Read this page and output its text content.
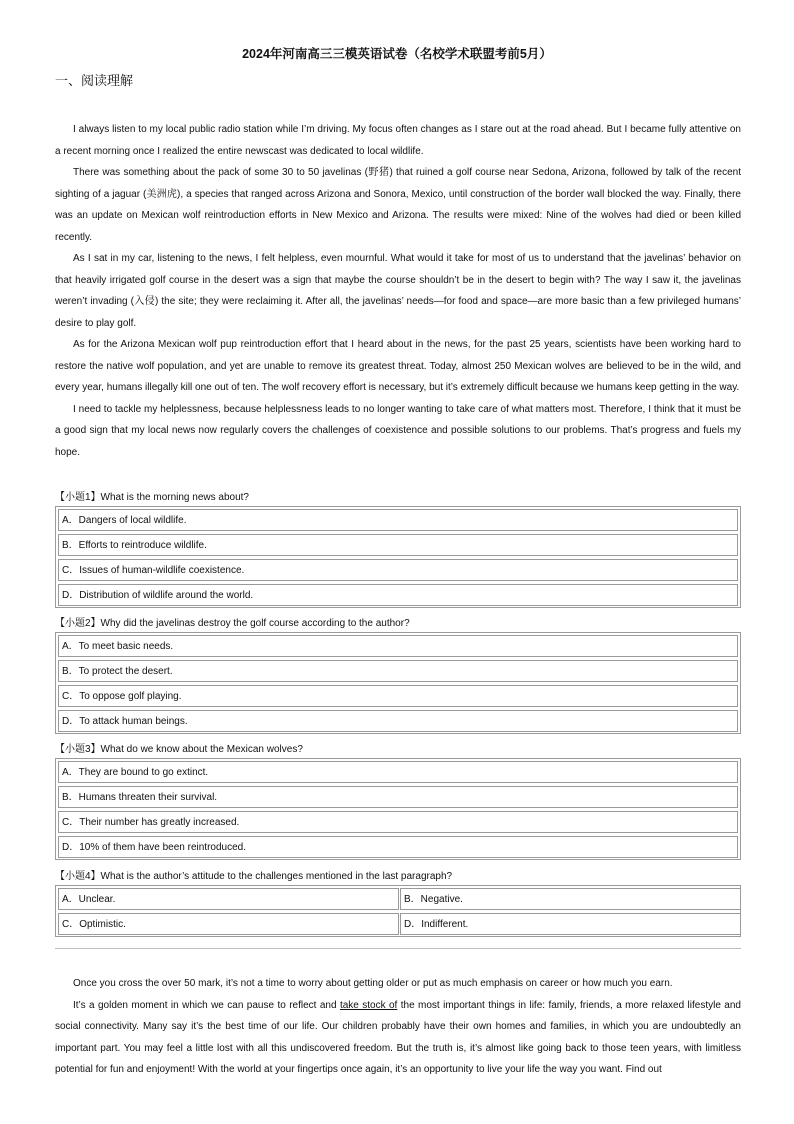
2024年河南高三三模英语试卷（名校学术联盟考前5月）
一、阅读理解

I always listen to my local public radio station while I’m driving. My focus often changes as I stare out at the road ahead. But I became fully attentive on a recent morning once I realized the entire newscast was dedicated to local wildlife.

There was something about the pack of some 30 to 50 javelinas (野猪) that ruined a golf course near Sedona, Arizona, followed by talk of the recent sighting of a jaguar (美洲虎), a species that ranged across Arizona and Sonora, Mexico, until construction of the border wall blocked the way. Finally, there was an update on Mexican wolf reintroduction efforts in New Mexico and Arizona. The results were mixed: Nine of the wolves had died or been killed recently.

As I sat in my car, listening to the news, I felt helpless, even mournful. What would it take for most of us to understand that the javelinas’ behavior on that heavily irrigated golf course in the desert was a sign that maybe the course shouldn’t be in the desert to begin with? The way I saw it, the javelinas weren’t invading (入侵) the site; they were reclaiming it. After all, the javelinas’ needs—for food and space—are more basic than a few privileged humans’ desire to play golf.

As for the Arizona Mexican wolf pup reintroduction effort that I heard about in the news, for the past 25 years, scientists have been working hard to restore the native wolf population, and yet are unable to remove its greatest threat. Today, almost 250 Mexican wolves are believed to be in the wild, and every year, humans illegally kill one out of ten. The wolf recovery effort is necessary, but it’s extremely difficult because we humans keep getting in the way.

I need to tackle my helplessness, because helplessness leads to no longer wanting to take care of what matters most. Therefore, I think that it must be a good sign that my local news now regularly covers the challenges of coexistence and possible solutions to our problems. That’s progress and fuels my hope.

【小题1】What is the morning news about?
A．Dangers of local wildlife.
B．Efforts to reintroduce wildlife.
C．Issues of human-wildlife coexistence.
D．Distribution of wildlife around the world.
【小题2】Why did the javelinas destroy the golf course according to the author?
A．To meet basic needs.
B．To protect the desert.
C．To oppose golf playing.
D．To attack human beings.
【小题3】What do we know about the Mexican wolves?
A．They are bound to go extinct.
B．Humans threaten their survival.
C．Their number has greatly increased.
D．10% of them have been reintroduced.
【小题4】What is the author’s attitude to the challenges mentioned in the last paragraph?
A．Unclear.	B．Negative.
C．Optimistic.	D．Indifferent.

Once you cross the over 50 mark, it’s not a time to worry about getting older or put as much emphasis on career or how much you earn.

It’s a golden moment in which we can pause to reflect and take stock of the most important things in life: family, friends, a more relaxed lifestyle and social connectivity. Many say it’s the best time of our life. Our children probably have their own homes and families, in which you are undoubtedly an important part. You may feel a little lost with all this undiscovered freedom. But the truth is, it’s almost like going back to those teen years, with limitless potential for fun and enjoyment! With the world at your fingertips once again, it’s an opportunity to live your life the way you want. Find out
